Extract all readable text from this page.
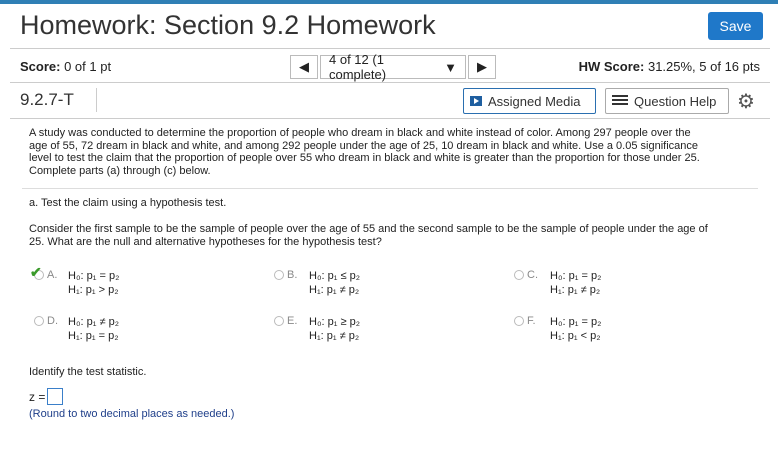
Homework: Section 9.2 Homework	Save
Score: 0 of 1 pt	◀ 4 of 12 (1 complete)	▼ ▶	HW Score: 31.25%, 5 of 16 pts
9.2.7-T	Assigned Media	Question Help ⚙
A study was conducted to determine the proportion of people who dream in black and white instead of color. Among 297 people over the
age of 55, 72 dream in black and white, and among 292 people under the age of 25, 10 dream in black and white. Use a 0.05 significance
level to test the claim that the proportion of people over 55 who dream in black and white is greater than the proportion for those under 25.
Complete parts (a) through (c) below.
a. Test the claim using a hypothesis test.
Consider the first sample to be the sample of people over the age of 55 and the second sample to be the sample of people under the age of
25. What are the null and alternative hypotheses for the hypothesis test?
✔ A. H₀: p₁ = p₂
H₁: p₁ > p₂
B. H₀: p₁ ≤ p₂
H₁: p₁ ≠ p₂
C. H₀: p₁ = p₂
H₁: p₁ ≠ p₂
D. H₀: p₁ ≠ p₂
H₁: p₁ = p₂
E. H₀: p₁ ≥ p₂
H₁: p₁ ≠ p₂
F. H₀: p₁ = p₂
H₁: p₁ < p₂
Identify the test statistic.
z =
(Round to two decimal places as needed.)
